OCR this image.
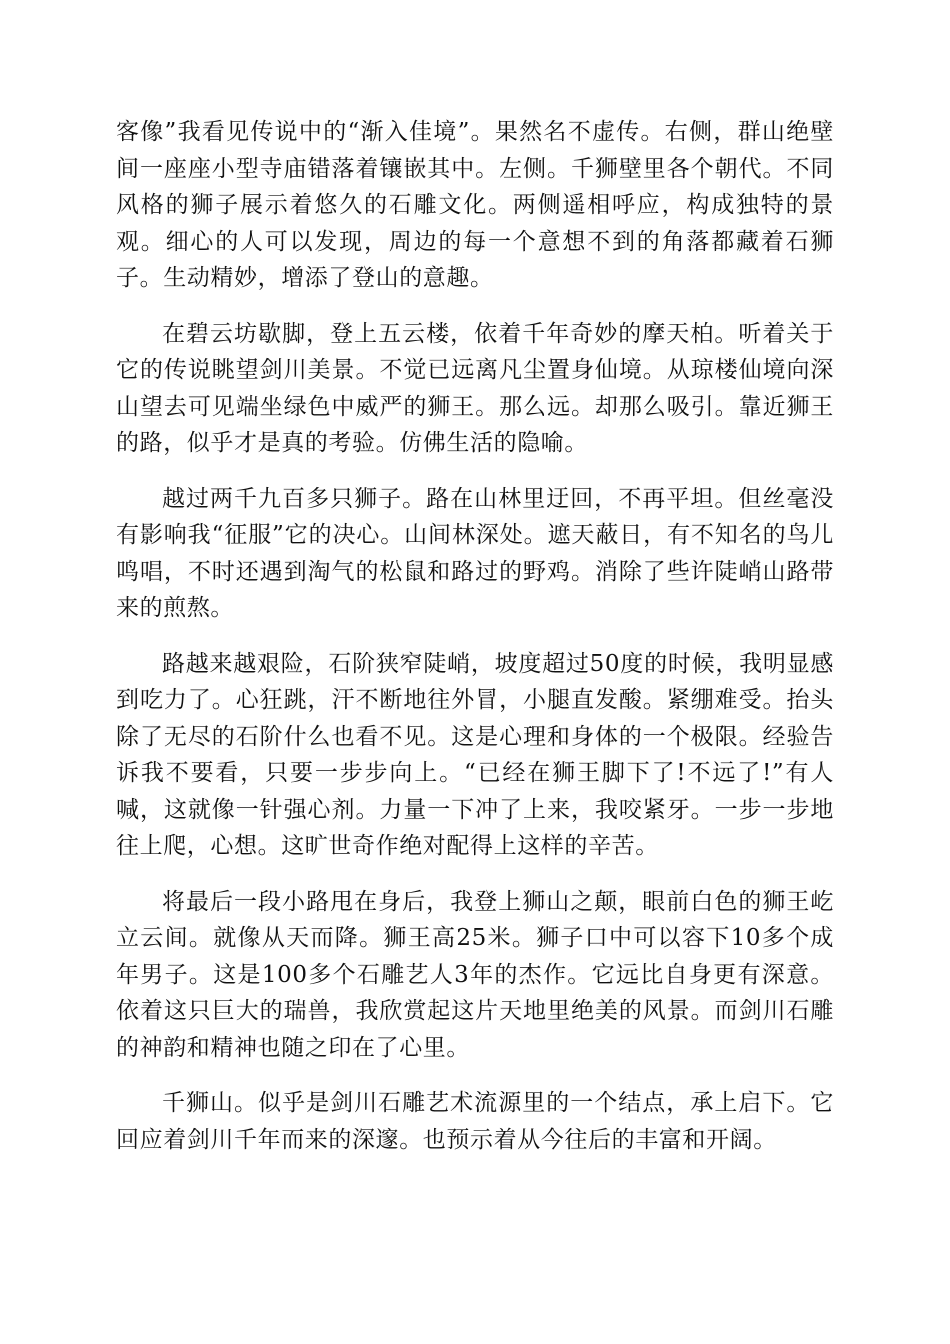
客像”我看见传说中的“渐入佳境”。果然名不虚传。右侧，群山绝壁间一座座小型寺庙错落着镶嵌其中。左侧。千狮壁里各个朝代。不同风格的狮子展示着悠久的石雕文化。两侧遥相呼应，构成独特的景观。细心的人可以发现，周边的每一个意想不到的角落都藏着石狮子。生动精妙，增添了登山的意趣。

在碧云坊歇脚，登上五云楼，依着千年奇妙的摩天柏。听着关于它的传说眺望剑川美景。不觉已远离凡尘置身仙境。从琼楼仙境向深山望去可见端坐绿色中威严的狮王。那么远。却那么吸引。靠近狮王的路，似乎才是真的考验。仿佛生活的隐喻。

越过两千九百多只狮子。路在山林里迂回，不再平坦。但丝毫没有影响我“征服”它的决心。山间林深处。遮天蔽日，有不知名的鸟儿鸣唱，不时还遇到淘气的松鼠和路过的野鸡。消除了些许陡峭山路带来的煎熬。

路越来越艰险，石阶狭窄陡峭，坡度超过50度的时候，我明显感到吃力了。心狂跳，汗不断地往外冒，小腿直发酸。紧绷难受。抬头除了无尽的石阶什么也看不见。这是心理和身体的一个极限。经验告诉我不要看，只要一步步向上。“已经在狮王脚下了!不远了!”有人喊，这就像一针强心剂。力量一下冲了上来，我咬紧牙。一步一步地往上爬，心想。这旷世奇作绝对配得上这样的辛苦。

将最后一段小路甩在身后，我登上狮山之颠，眼前白色的狮王屹立云间。就像从天而降。狮王高25米。狮子口中可以容下10多个成年男子。这是100多个石雕艺人3年的杰作。它远比自身更有深意。依着这只巨大的瑞兽，我欣赏起这片天地里绝美的风景。而剑川石雕的神韵和精神也随之印在了心里。

千狮山。似乎是剑川石雕艺术流源里的一个结点，承上启下。它回应着剑川千年而来的深邃。也预示着从今往后的丰富和开阔。
